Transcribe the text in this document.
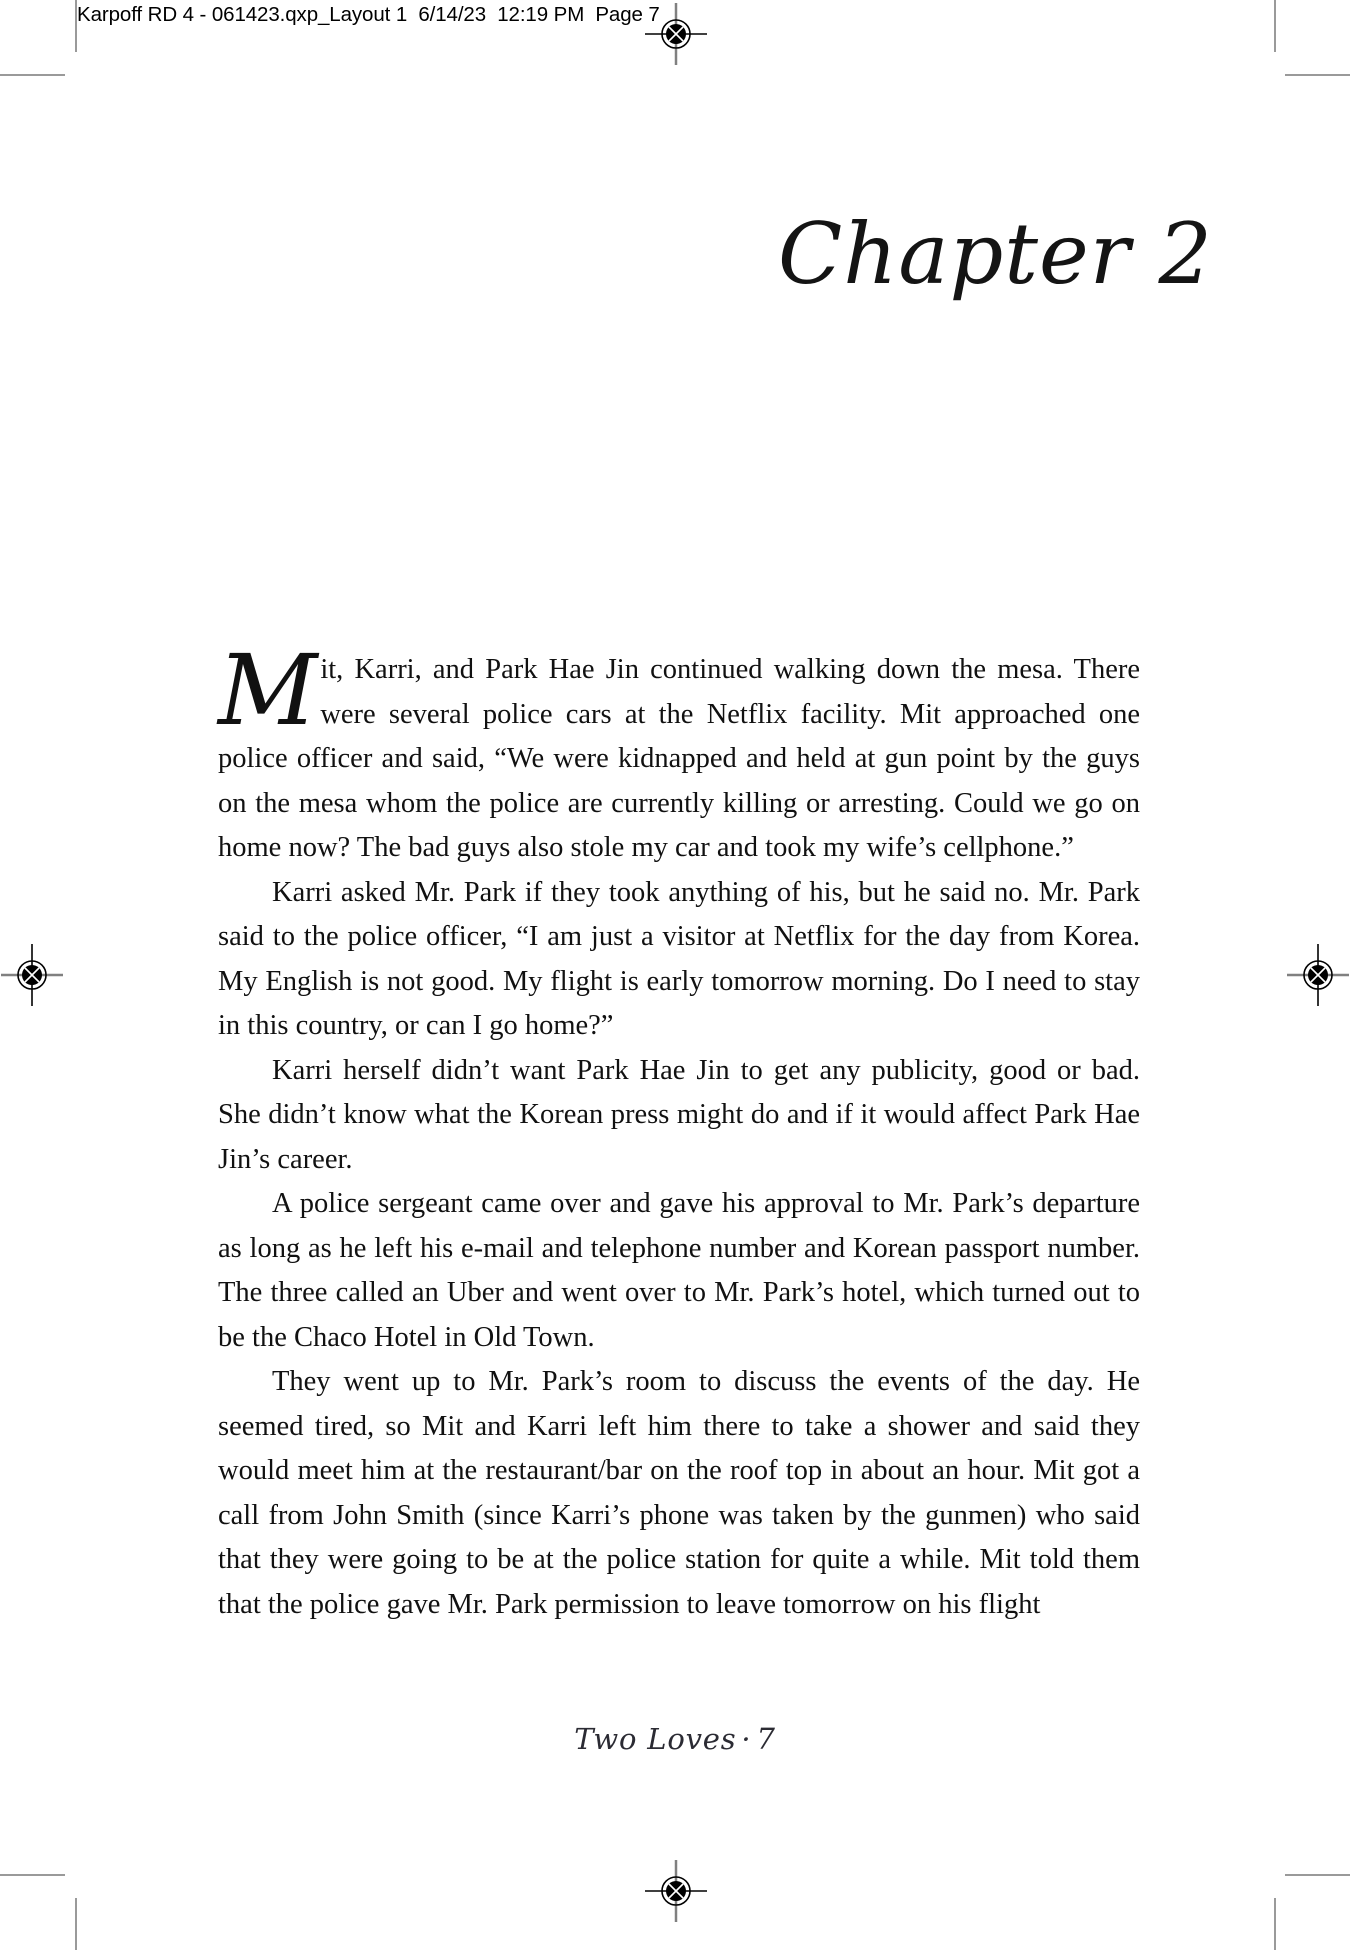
Karpoff RD 4 - 061423.qxp_Layout 1  6/14/23  12:19 PM  Page 7
Chapter 2

Mit, Karri, and Park Hae Jin continued walking down the mesa. There were several police cars at the Netflix facility. Mit approached one police officer and said, “We were kidnapped and held at gun point by the guys on the mesa whom the police are currently killing or arresting. Could we go on home now? The bad guys also stole my car and took my wife’s cellphone.”

Karri asked Mr. Park if they took anything of his, but he said no. Mr. Park said to the police officer, “I am just a visitor at Netflix for the day from Korea. My English is not good. My flight is early tomorrow morning. Do I need to stay in this country, or can I go home?”

Karri herself didn’t want Park Hae Jin to get any publicity, good or bad. She didn’t know what the Korean press might do and if it would affect Park Hae Jin’s career.

A police sergeant came over and gave his approval to Mr. Park’s departure as long as he left his e-mail and telephone number and Korean passport number. The three called an Uber and went over to Mr. Park’s hotel, which turned out to be the Chaco Hotel in Old Town.

They went up to Mr. Park’s room to discuss the events of the day. He seemed tired, so Mit and Karri left him there to take a shower and said they would meet him at the restaurant/bar on the roof top in about an hour. Mit got a call from John Smith (since Karri’s phone was taken by the gunmen) who said that they were going to be at the police station for quite a while. Mit told them that the police gave Mr. Park permission to leave tomorrow on his flight

Two Loves · 7
